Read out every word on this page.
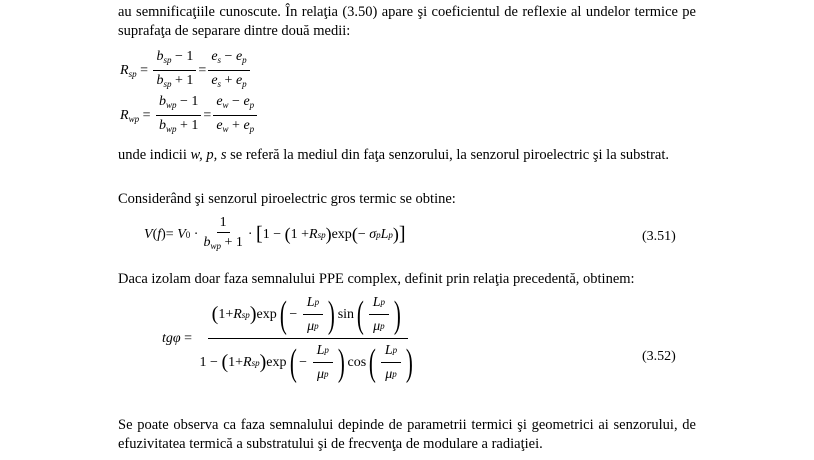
au semnificaţiile cunoscute. În relaţia (3.50) apare şi coeficientul de reflexie al undelor termice pe suprafaţa de separare dintre două medii:
$R_{sp}$
=
$\frac{b_{sp} - 1}{b_{sp} + 1} = \frac{e_s - e_p}{e_s + e_p}$
$R_{wp}$
=
$\frac{b_{wp} - 1}{b_{wp} + 1} = \frac{e_w - e_p}{e_w + e_p}$
unde indicii w, p, s se referă la mediul din faţa senzorului, la senzorul piroelectric şi la substrat.
Considerând şi senzorul piroelectric gros termic se obtine:
V ( f ) =
V 0
· $\frac{1}{b_{wp} + 1}$ ·
[ 1 −
( 1 + R sp ) exp ( − σ p L p ) ]	(3.51)
Daca izolam doar faza semnalului PPE complex, definit prin relaţia precedentă, obtinem:
tg φ
=
( 1+ R sp ) exp ( −
$\frac{\text{L p}}{\text{μ p}}$ ) sin ( $\frac{\text{L p}}{\text{μ p}}$ )
1 −
( 1+ R sp ) exp ( −
$\frac{\text{L p}}{\text{μ p}}$ ) cos ( $\frac{\text{L p}}{\text{μ p}}$ )	(3.52)
Se poate observa ca faza semnalului depinde de parametrii termici şi geometrici ai senzorului, de efuzivitatea termică a substratului şi de frecvenţa de modulare a radiaţiei.
